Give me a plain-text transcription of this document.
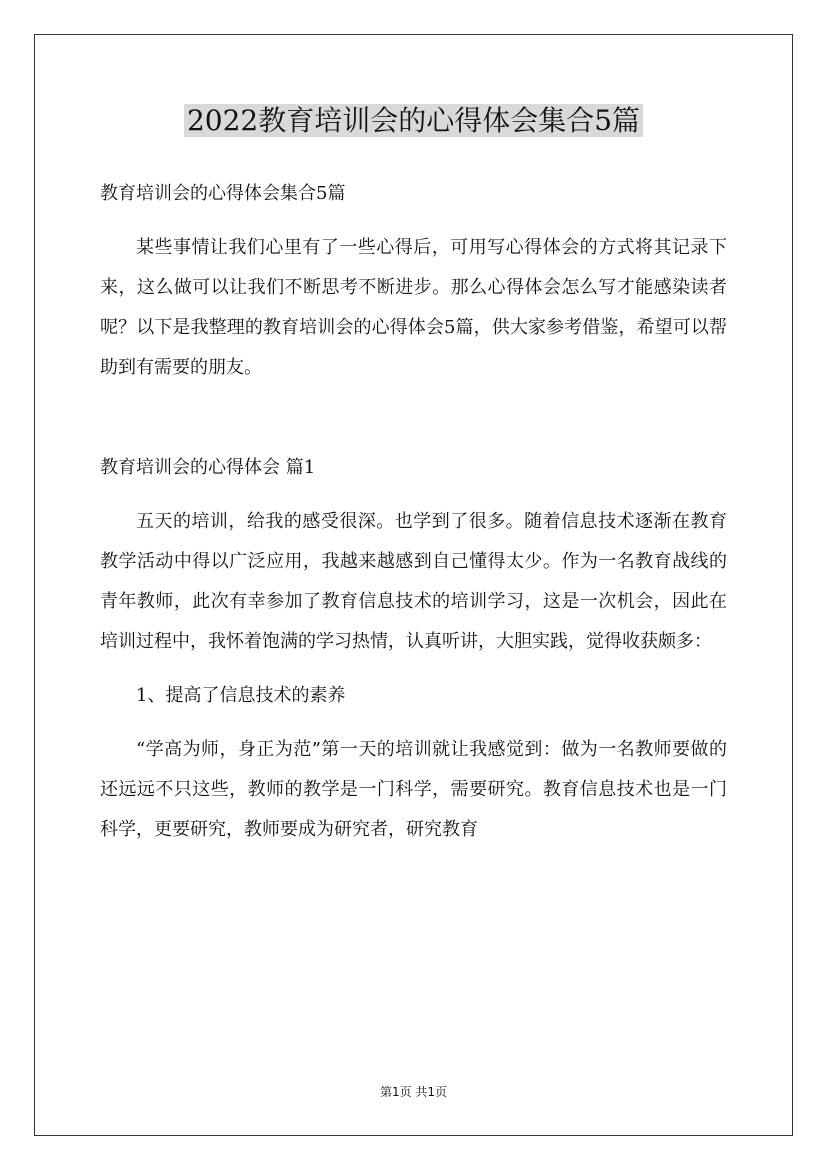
2022教育培训会的心得体会集合5篇

教育培训会的心得体会集合5篇

某些事情让我们心里有了一些心得后，可用写心得体会的方式将其记录下来，这么做可以让我们不断思考不断进步。那么心得体会怎么写才能感染读者呢？以下是我整理的教育培训会的心得体会5篇，供大家参考借鉴，希望可以帮助到有需要的朋友。

教育培训会的心得体会 篇1

五天的培训，给我的感受很深。也学到了很多。随着信息技术逐渐在教育教学活动中得以广泛应用，我越来越感到自己懂得太少。作为一名教育战线的青年教师，此次有幸参加了教育信息技术的培训学习，这是一次机会，因此在培训过程中，我怀着饱满的学习热情，认真听讲，大胆实践，觉得收获颇多：

1、提高了信息技术的素养

“学高为师，身正为范”第一天的培训就让我感觉到：做为一名教师要做的还远远不只这些，教师的教学是一门科学，需要研究。教育信息技术也是一门科学，更要研究，教师要成为研究者，研究教育

第1页 共1页
